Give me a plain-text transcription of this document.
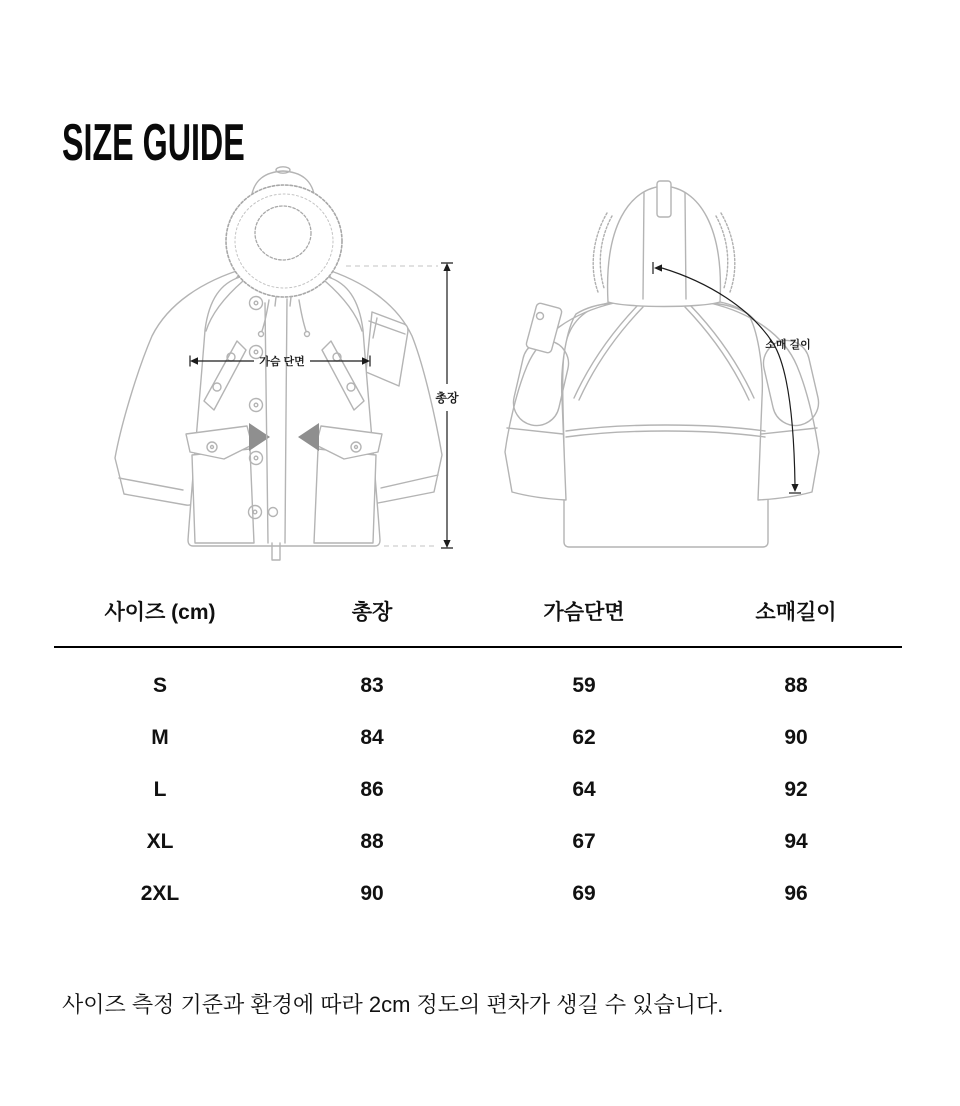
SIZE GUIDE
가슴 단면
총장
소매 길이
사이즈 (cm)	총장	가슴단면	소매길이
S	83	59	88
M	84	62	90
L	86	64	92
XL	88	67	94
2XL	90	69	96

사이즈 측정 기준과 환경에 따라 2cm 정도의 편차가 생길 수 있습니다.
